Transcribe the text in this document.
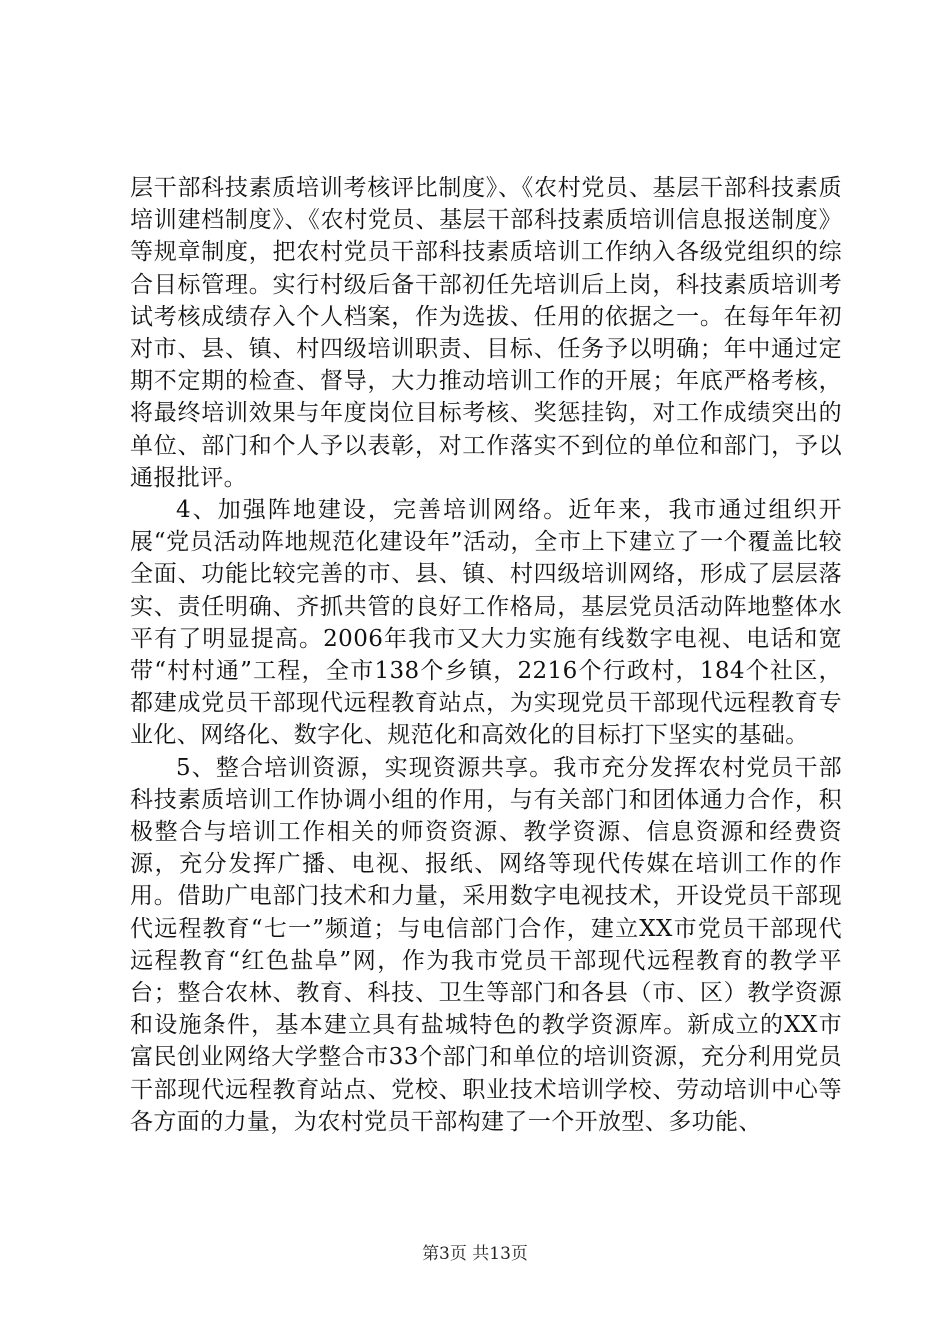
层干部科技素质培训考核评比制度》、《农村党员、基层干部科技素质培训建档制度》、《农村党员、基层干部科技素质培训信息报送制度》等规章制度，把农村党员干部科技素质培训工作纳入各级党组织的综合目标管理。实行村级后备干部初任先培训后上岗，科技素质培训考试考核成绩存入个人档案，作为选拔、任用的依据之一。在每年年初对市、县、镇、村四级培训职责、目标、任务予以明确；年中通过定期不定期的检查、督导，大力推动培训工作的开展；年底严格考核，将最终培训效果与年度岗位目标考核、奖惩挂钩，对工作成绩突出的单位、部门和个人予以表彰，对工作落实不到位的单位和部门，予以通报批评。

4、加强阵地建设，完善培训网络。近年来，我市通过组织开展“党员活动阵地规范化建设年”活动，全市上下建立了一个覆盖比较全面、功能比较完善的市、县、镇、村四级培训网络，形成了层层落实、责任明确、齐抓共管的良好工作格局，基层党员活动阵地整体水平有了明显提高。2006年我市又大力实施有线数字电视、电话和宽带“村村通”工程，全市138个乡镇，2216个行政村，184个社区，都建成党员干部现代远程教育站点，为实现党员干部现代远程教育专业化、网络化、数字化、规范化和高效化的目标打下坚实的基础。

5、整合培训资源，实现资源共享。我市充分发挥农村党员干部科技素质培训工作协调小组的作用，与有关部门和团体通力合作，积极整合与培训工作相关的师资资源、教学资源、信息资源和经费资源，充分发挥广播、电视、报纸、网络等现代传媒在培训工作的作用。借助广电部门技术和力量，采用数字电视技术，开设党员干部现代远程教育“七一”频道；与电信部门合作，建立XX市党员干部现代远程教育“红色盐阜”网，作为我市党员干部现代远程教育的教学平台；整合农林、教育、科技、卫生等部门和各县（市、区）教学资源和设施条件，基本建立具有盐城特色的教学资源库。新成立的XX市富民创业网络大学整合市33个部门和单位的培训资源，充分利用党员干部现代远程教育站点、党校、职业技术培训学校、劳动培训中心等各方面的力量，为农村党员干部构建了一个开放型、多功能、

第3页 共13页
